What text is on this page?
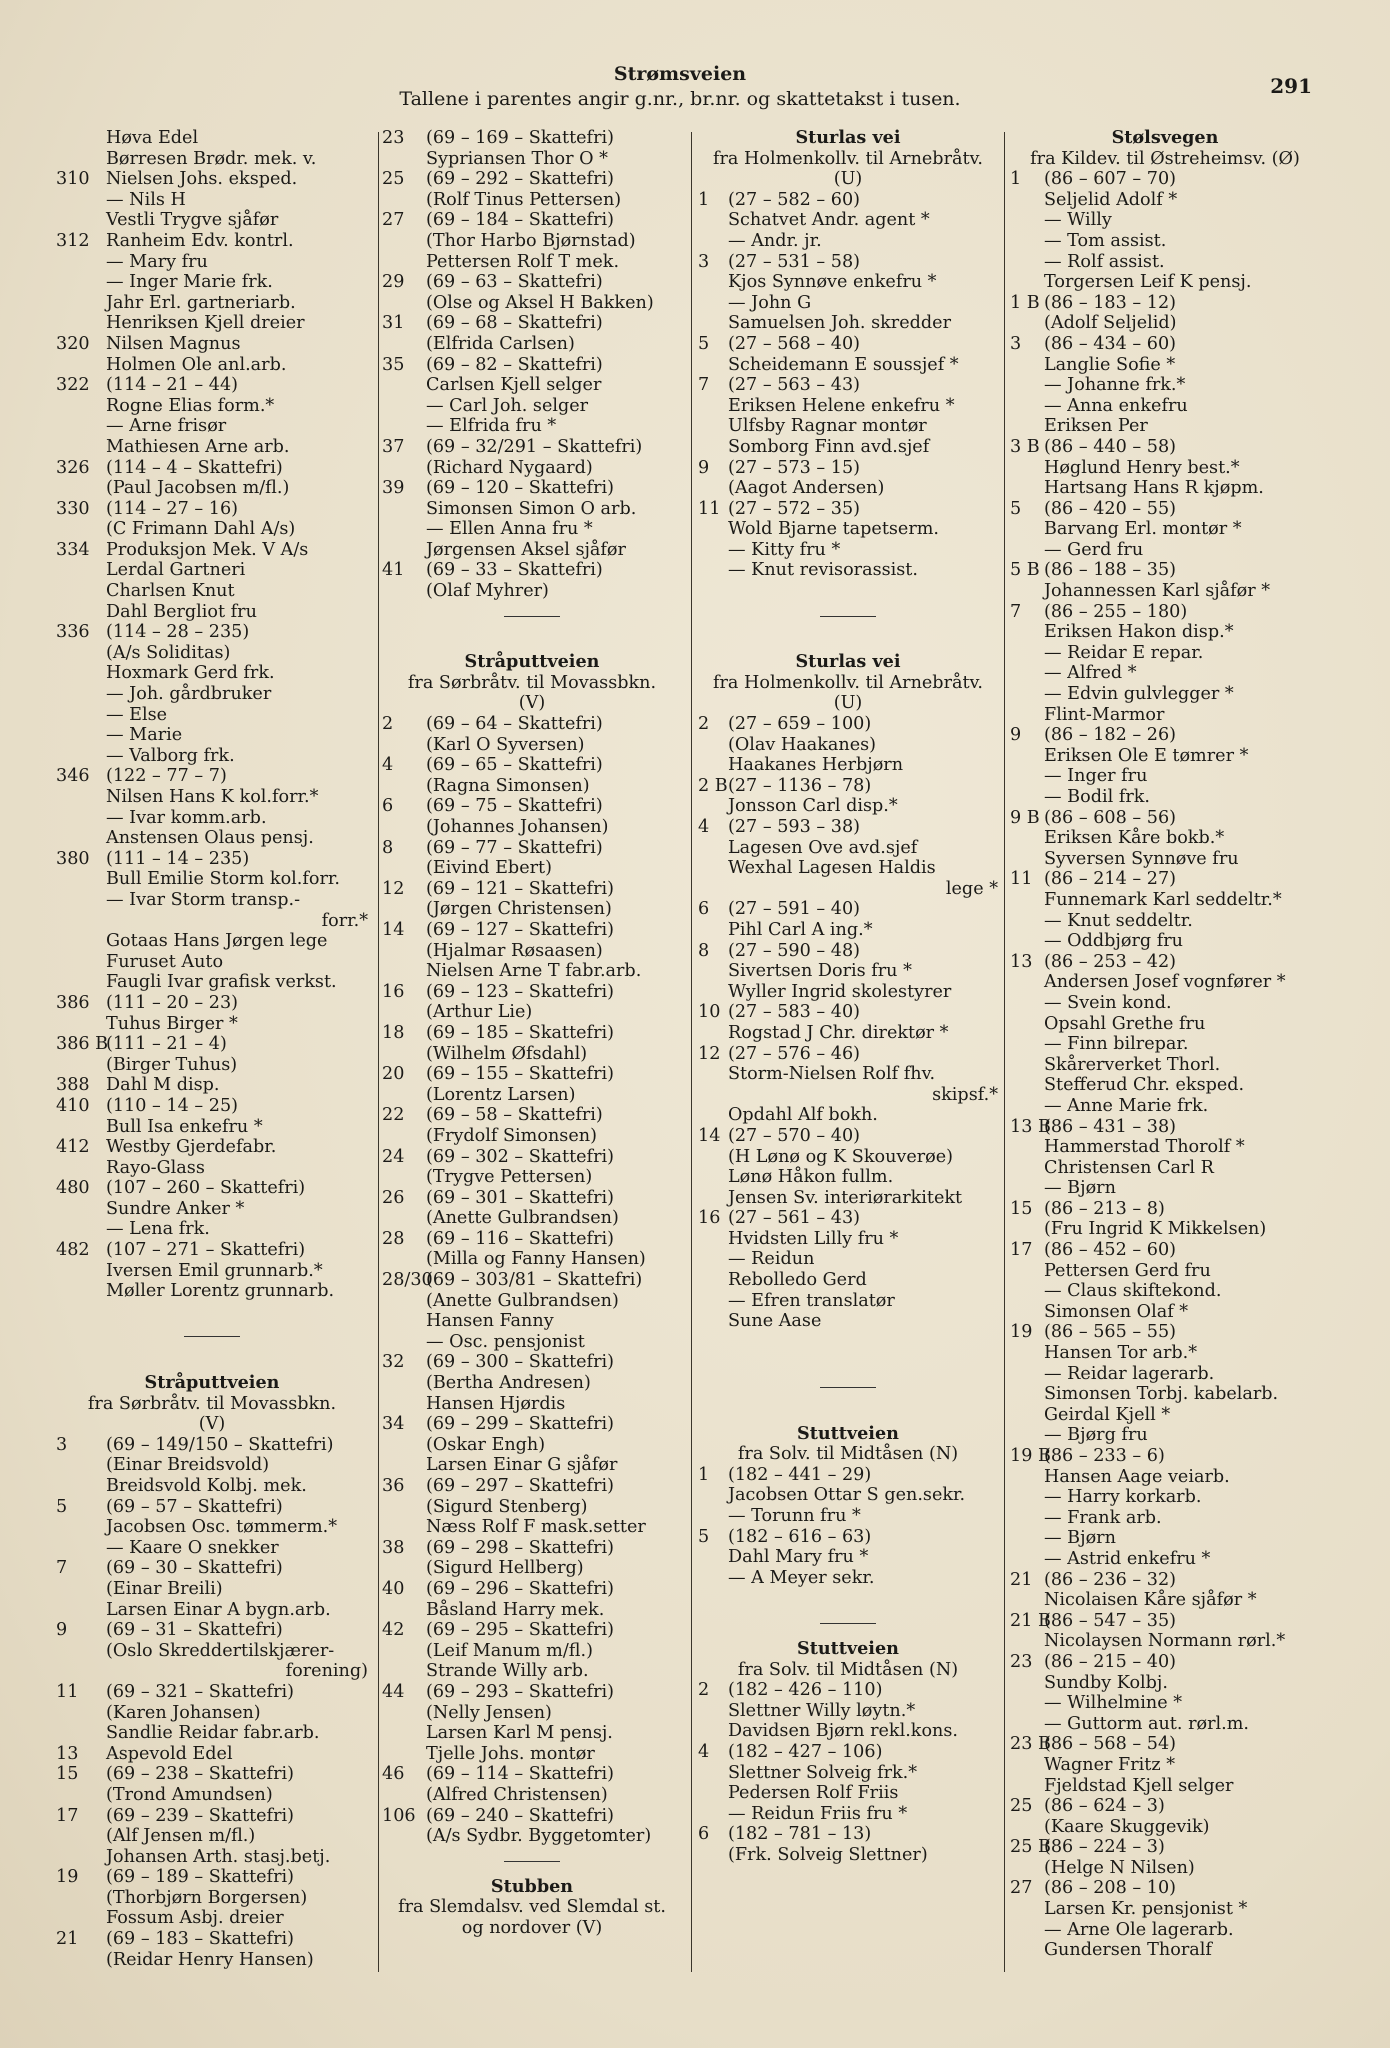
Strømsveien
Tallene i parentes angir g.nr., br.nr. og skattetakst i tusen.
291
Høva Edel
Børresen Brødr. mek. v.
310 Nielsen Johs. eksped.
— Nils H
Vestli Trygve sjåfør
312 Ranheim Edv. kontrl.
— Mary fru
— Inger Marie frk.
Jahr Erl. gartneriarb.
Henriksen Kjell dreier
320 Nilsen Magnus
Holmen Ole anl.arb.
322 (114 – 21 – 44)
Rogne Elias form.*
— Arne frisør
Mathiesen Arne arb.
326 (114 – 4 – Skattefri)
(Paul Jacobsen m/fl.)
330 (114 – 27 – 16)
(C Frimann Dahl A/s)
334 Produksjon Mek. V A/s
Lerdal Gartneri
Charlsen Knut
Dahl Bergliot fru
336 (114 – 28 – 235)
(A/s Soliditas)
Hoxmark Gerd frk.
— Joh. gårdbruker
— Else
— Marie
— Valborg frk.
346 (122 – 77 – 7)
Nilsen Hans K kol.forr.*
— Ivar komm.arb.
Anstensen Olaus pensj.
380 (111 – 14 – 235)
Bull Emilie Storm kol.forr.
— Ivar Storm transp.-
forr.*
Gotaas Hans Jørgen lege
Furuset Auto
Faugli Ivar grafisk verkst.
386 (111 – 20 – 23)
Tuhus Birger *
386 B(111 – 21 – 4)
(Birger Tuhus)
388 Dahl M disp.
410 (110 – 14 – 25)
Bull Isa enkefru *
412 Westby Gjerdefabr.
Rayo-Glass
480 (107 – 260 – Skattefri)
Sundre Anker *
— Lena frk.
482 (107 – 271 – Skattefri)
Iversen Emil grunnarb.*
Møller Lorentz grunnarb.
Stråputtveien
fra Sørbråtv. til Movassbkn.
(V)
3 (69 – 149/150 – Skattefri)
(Einar Breidsvold)
Breidsvold Kolbj. mek.
5 (69 – 57 – Skattefri)
Jacobsen Osc. tømmerm.*
— Kaare O snekker
7 (69 – 30 – Skattefri)
(Einar Breili)
Larsen Einar A bygn.arb.
9 (69 – 31 – Skattefri)
(Oslo Skreddertilskjærer-
forening)
11 (69 – 321 – Skattefri)
(Karen Johansen)
Sandlie Reidar fabr.arb.
13 Aspevold Edel
15 (69 – 238 – Skattefri)
(Trond Amundsen)
17 (69 – 239 – Skattefri)
(Alf Jensen m/fl.)
Johansen Arth. stasj.betj.
19 (69 – 189 – Skattefri)
(Thorbjørn Borgersen)
Fossum Asbj. dreier
21 (69 – 183 – Skattefri)
(Reidar Henry Hansen)
23 (69 – 169 – Skattefri)
Sypriansen Thor O *
25 (69 – 292 – Skattefri)
(Rolf Tinus Pettersen)
27 (69 – 184 – Skattefri)
(Thor Harbo Bjørnstad)
Pettersen Rolf T mek.
29 (69 – 63 – Skattefri)
(Olse og Aksel H Bakken)
31 (69 – 68 – Skattefri)
(Elfrida Carlsen)
35 (69 – 82 – Skattefri)
Carlsen Kjell selger
— Carl Joh. selger
— Elfrida fru *
37 (69 – 32/291 – Skattefri)
(Richard Nygaard)
39 (69 – 120 – Skattefri)
Simonsen Simon O arb.
— Ellen Anna fru *
Jørgensen Aksel sjåfør
41 (69 – 33 – Skattefri)
(Olaf Myhrer)
Stråputtveien
fra Sørbråtv. til Movassbkn.
(V)
2 (69 – 64 – Skattefri)
(Karl O Syversen)
4 (69 – 65 – Skattefri)
(Ragna Simonsen)
6 (69 – 75 – Skattefri)
(Johannes Johansen)
8 (69 – 77 – Skattefri)
(Eivind Ebert)
12 (69 – 121 – Skattefri)
(Jørgen Christensen)
14 (69 – 127 – Skattefri)
(Hjalmar Røsaasen)
Nielsen Arne T fabr.arb.
16 (69 – 123 – Skattefri)
(Arthur Lie)
18 (69 – 185 – Skattefri)
(Wilhelm Øfsdahl)
20 (69 – 155 – Skattefri)
(Lorentz Larsen)
22 (69 – 58 – Skattefri)
(Frydolf Simonsen)
24 (69 – 302 – Skattefri)
(Trygve Pettersen)
26 (69 – 301 – Skattefri)
(Anette Gulbrandsen)
28 (69 – 116 – Skattefri)
(Milla og Fanny Hansen)
28/30(69 – 303/81 – Skattefri)
(Anette Gulbrandsen)
Hansen Fanny
— Osc. pensjonist
32 (69 – 300 – Skattefri)
(Bertha Andresen)
Hansen Hjørdis
34 (69 – 299 – Skattefri)
(Oskar Engh)
Larsen Einar G sjåfør
36 (69 – 297 – Skattefri)
(Sigurd Stenberg)
Næss Rolf F mask.setter
38 (69 – 298 – Skattefri)
(Sigurd Hellberg)
40 (69 – 296 – Skattefri)
Båsland Harry mek.
42 (69 – 295 – Skattefri)
(Leif Manum m/fl.)
Strande Willy arb.
44 (69 – 293 – Skattefri)
(Nelly Jensen)
Larsen Karl M pensj.
Tjelle Johs. montør
46 (69 – 114 – Skattefri)
(Alfred Christensen)
106 (69 – 240 – Skattefri)
(A/s Sydbr. Byggetomter)
Stubben
fra Slemdalsv. ved Slemdal st.
og nordover (V)
Sturlas vei
fra Holmenkollv. til Arnebråtv.
(U)
1 (27 – 582 – 60)
Schatvet Andr. agent *
— Andr. jr.
3 (27 – 531 – 58)
Kjos Synnøve enkefru *
— John G
Samuelsen Joh. skredder
5 (27 – 568 – 40)
Scheidemann E soussjef *
7 (27 – 563 – 43)
Eriksen Helene enkefru *
Ulfsby Ragnar montør
Somborg Finn avd.sjef
9 (27 – 573 – 15)
(Aagot Andersen)
11 (27 – 572 – 35)
Wold Bjarne tapetserm.
— Kitty fru *
— Knut revisorassist.
Sturlas vei
fra Holmenkollv. til Arnebråtv.
(U)
2 (27 – 659 – 100)
(Olav Haakanes)
Haakanes Herbjørn
2 B(27 – 1136 – 78)
Jonsson Carl disp.*
4 (27 – 593 – 38)
Lagesen Ove avd.sjef
Wexhal Lagesen Haldis
lege *
6 (27 – 591 – 40)
Pihl Carl A ing.*
8 (27 – 590 – 48)
Sivertsen Doris fru *
Wyller Ingrid skolestyrer
10 (27 – 583 – 40)
Rogstad J Chr. direktør *
12 (27 – 576 – 46)
Storm-Nielsen Rolf fhv.
skipsf.*
Opdahl Alf bokh.
14 (27 – 570 – 40)
(H Lønø og K Skouverøe)
Lønø Håkon fullm.
Jensen Sv. interiørarkitekt
16 (27 – 561 – 43)
Hvidsten Lilly fru *
— Reidun
Rebolledo Gerd
— Efren translatør
Sune Aase
Stuttveien
fra Solv. til Midtåsen (N)
1 (182 – 441 – 29)
Jacobsen Ottar S gen.sekr.
— Torunn fru *
5 (182 – 616 – 63)
Dahl Mary fru *
— A Meyer sekr.
Stuttveien
fra Solv. til Midtåsen (N)
2 (182 – 426 – 110)
Slettner Willy løytn.*
Davidsen Bjørn rekl.kons.
4 (182 – 427 – 106)
Slettner Solveig frk.*
Pedersen Rolf Friis
— Reidun Friis fru *
6 (182 – 781 – 13)
(Frk. Solveig Slettner)
Stølsvegen
fra Kildev. til Østreheimsv. (Ø)
1 (86 – 607 – 70)
Seljelid Adolf *
— Willy
— Tom assist.
— Rolf assist.
Torgersen Leif K pensj.
1 B (86 – 183 – 12)
(Adolf Seljelid)
3 (86 – 434 – 60)
Langlie Sofie *
— Johanne frk.*
— Anna enkefru
Eriksen Per
3 B (86 – 440 – 58)
Høglund Henry best.*
Hartsang Hans R kjøpm.
5 (86 – 420 – 55)
Barvang Erl. montør *
— Gerd fru
5 B (86 – 188 – 35)
Johannessen Karl sjåfør *
7 (86 – 255 – 180)
Eriksen Hakon disp.*
— Reidar E repar.
— Alfred *
— Edvin gulvlegger *
Flint-Marmor
9 (86 – 182 – 26)
Eriksen Ole E tømrer *
— Inger fru
— Bodil frk.
9 B (86 – 608 – 56)
Eriksen Kåre bokb.*
Syversen Synnøve fru
11 (86 – 214 – 27)
Funnemark Karl seddeltr.*
— Knut seddeltr.
— Oddbjørg fru
13 (86 – 253 – 42)
Andersen Josef vognfører *
— Svein kond.
Opsahl Grethe fru
— Finn bilrepar.
Skårerverket Thorl.
Stefferud Chr. eksped.
— Anne Marie frk.
13 B(86 – 431 – 38)
Hammerstad Thorolf *
Christensen Carl R
— Bjørn
15 (86 – 213 – 8)
(Fru Ingrid K Mikkelsen)
17 (86 – 452 – 60)
Pettersen Gerd fru
— Claus skiftekond.
Simonsen Olaf *
19 (86 – 565 – 55)
Hansen Tor arb.*
— Reidar lagerarb.
Simonsen Torbj. kabelarb.
Geirdal Kjell *
— Bjørg fru
19 B(86 – 233 – 6)
Hansen Aage veiarb.
— Harry korkarb.
— Frank arb.
— Bjørn
— Astrid enkefru *
21 (86 – 236 – 32)
Nicolaisen Kåre sjåfør *
21 B(86 – 547 – 35)
Nicolaysen Normann rørl.*
23 (86 – 215 – 40)
Sundby Kolbj.
— Wilhelmine *
— Guttorm aut. rørl.m.
23 B(86 – 568 – 54)
Wagner Fritz *
Fjeldstad Kjell selger
25 (86 – 624 – 3)
(Kaare Skuggevik)
25 B(86 – 224 – 3)
(Helge N Nilsen)
27 (86 – 208 – 10)
Larsen Kr. pensjonist *
— Arne Ole lagerarb.
Gundersen Thoralf
